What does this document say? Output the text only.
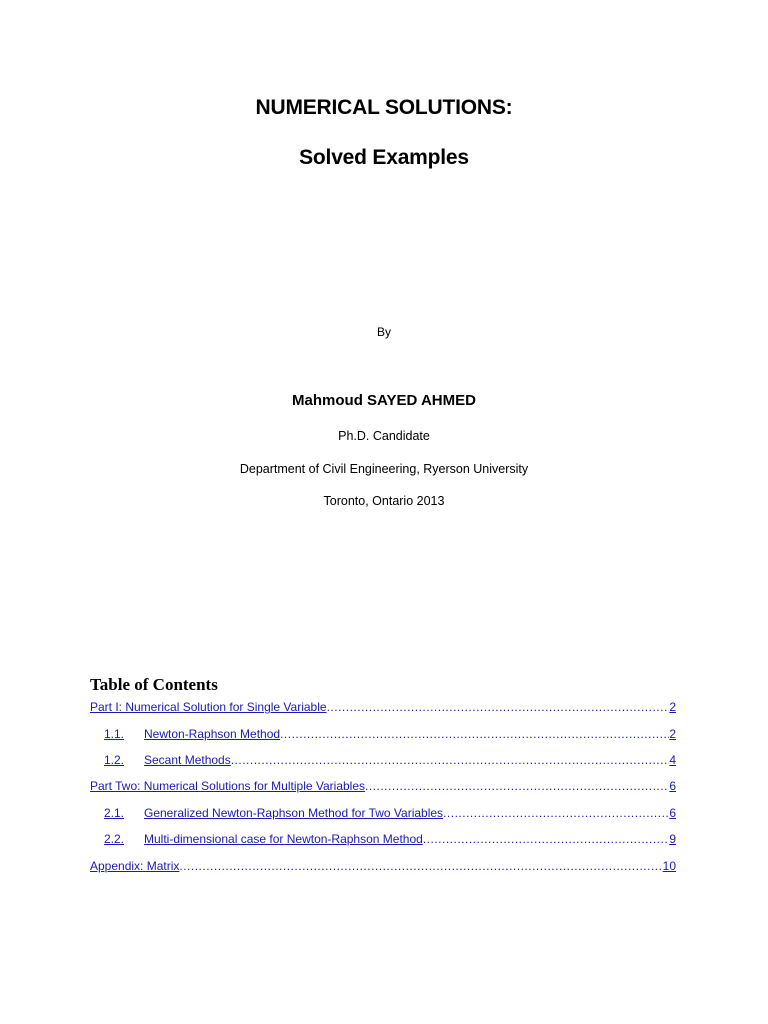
NUMERICAL SOLUTIONS:
Solved Examples
By
Mahmoud SAYED AHMED
Ph.D. Candidate
Department of Civil Engineering, Ryerson University
Toronto, Ontario 2013
Table of Contents
Part I: Numerical Solution for Single Variable .....	2
1.1.	Newton-Raphson Method .....	2
1.2.	Secant Methods .....	4
Part Two: Numerical Solutions for Multiple Variables .....	6
2.1.	Generalized Newton-Raphson Method for Two Variables .....	6
2.2.	Multi-dimensional case for Newton-Raphson Method .....	9
Appendix: Matrix .....	10
